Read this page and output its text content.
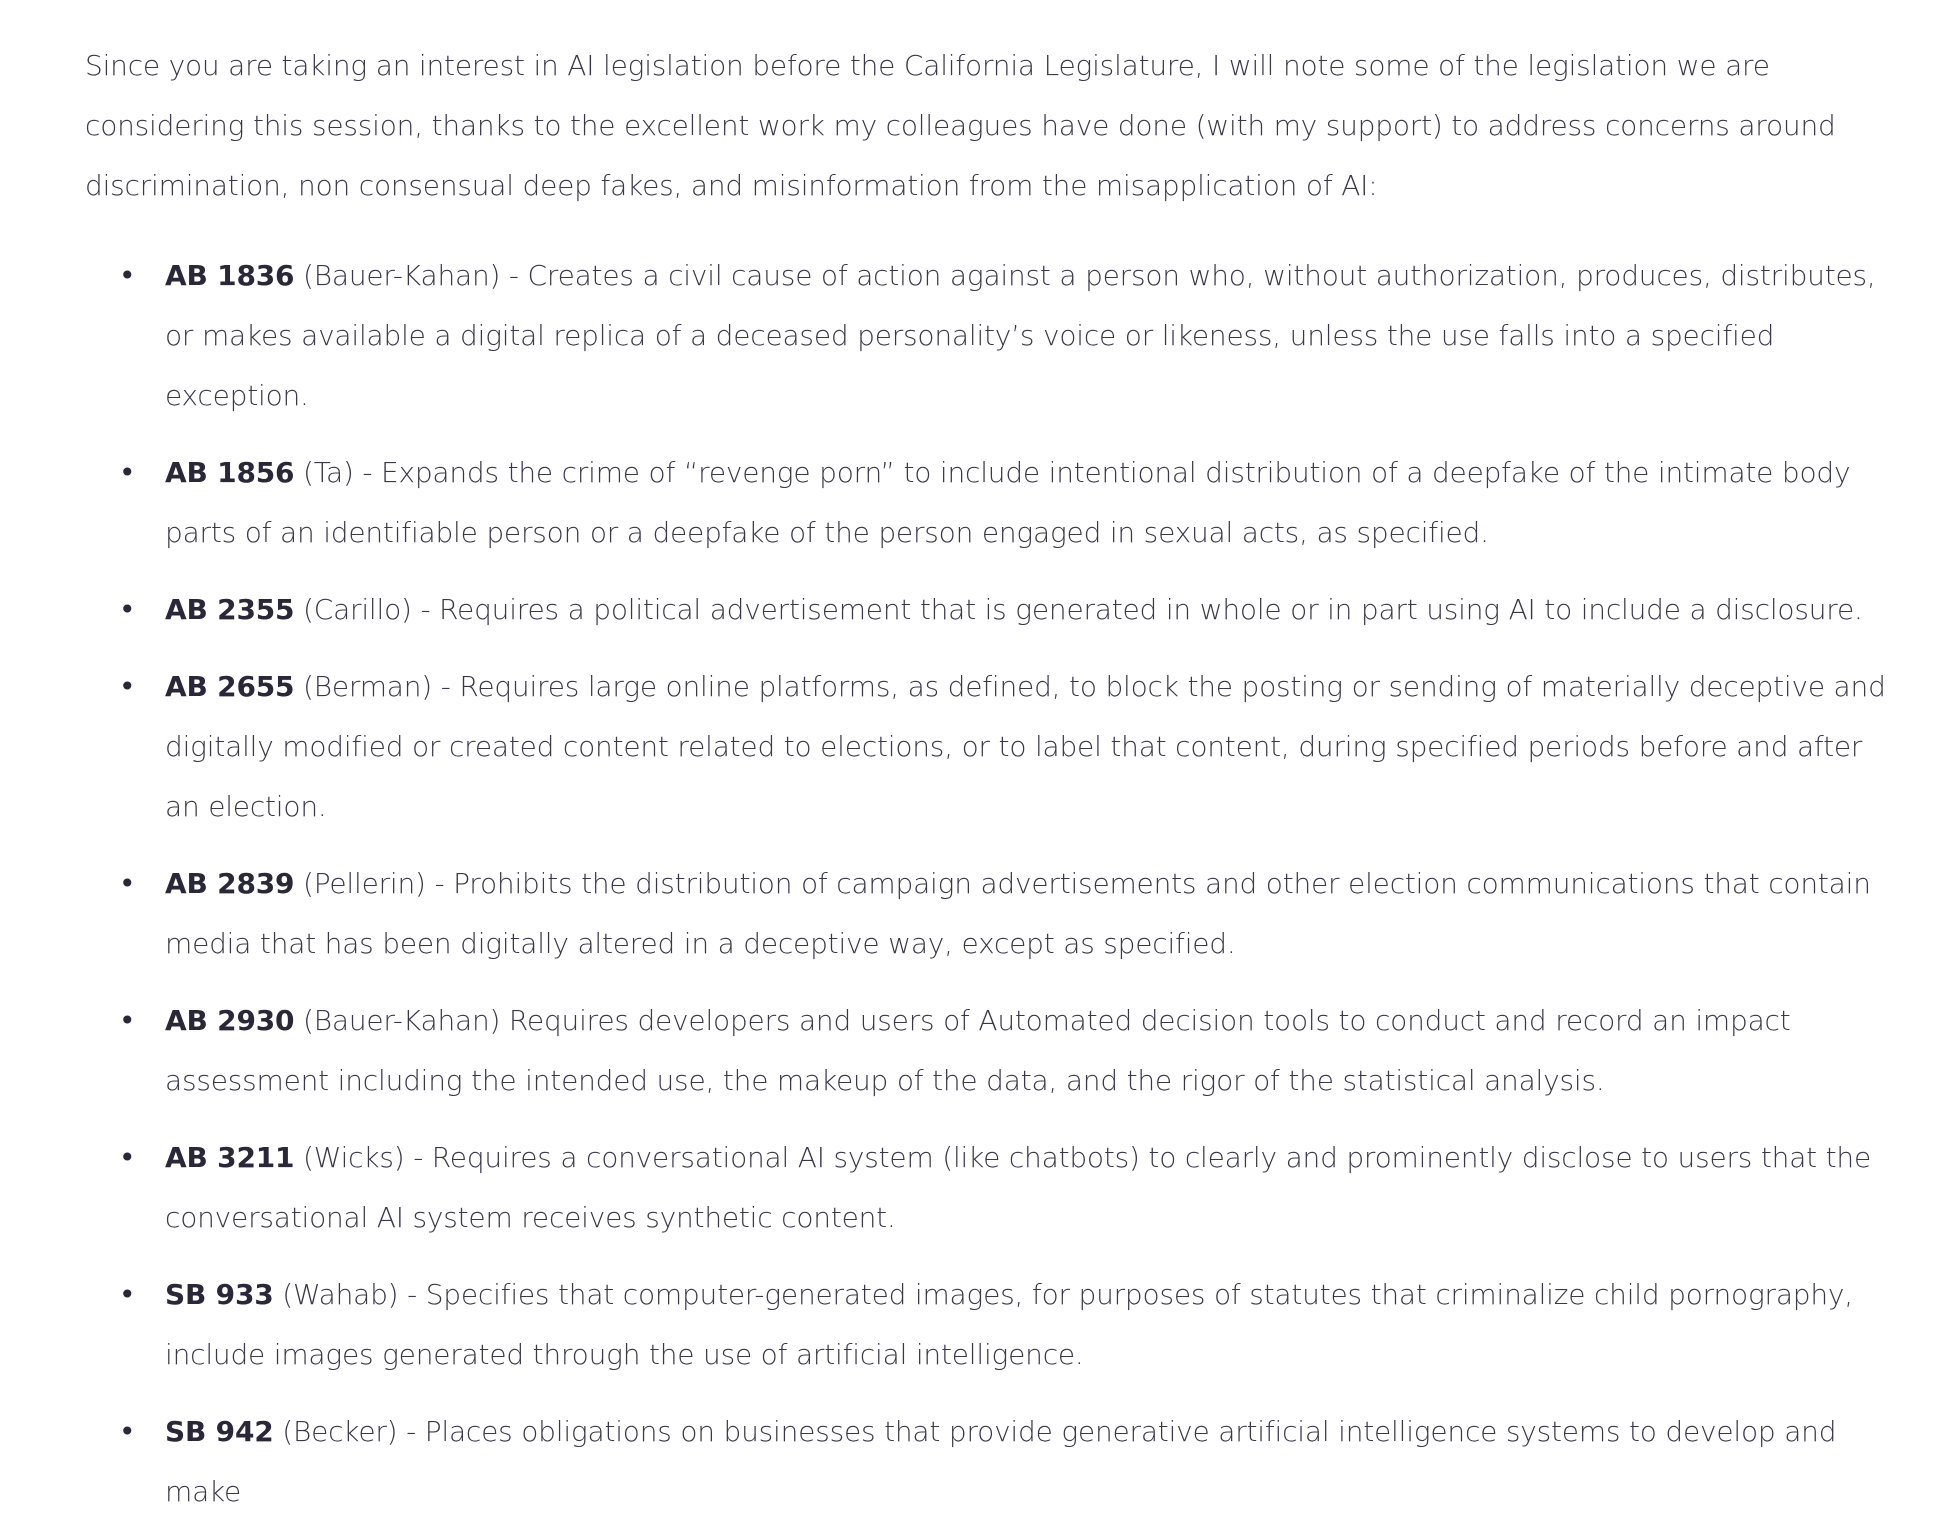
Since you are taking an interest in AI legislation before the California Legislature, I will note some of the legislation we are considering this session, thanks to the excellent work my colleagues have done (with my support) to address concerns around discrimination, non consensual deep fakes, and misinformation from the misapplication of AI:

• AB 1836 (Bauer-Kahan) - Creates a civil cause of action against a person who, without authorization, produces, distributes, or makes available a digital replica of a deceased personality’s voice or likeness, unless the use falls into a specified exception.
• AB 1856 (Ta) - Expands the crime of “revenge porn” to include intentional distribution of a deepfake of the intimate body parts of an identifiable person or a deepfake of the person engaged in sexual acts, as specified.
• AB 2355 (Carillo) - Requires a political advertisement that is generated in whole or in part using AI to include a disclosure.
• AB 2655 (Berman) - Requires large online platforms, as defined, to block the posting or sending of materially deceptive and digitally modified or created content related to elections, or to label that content, during specified periods before and after an election.
• AB 2839 (Pellerin) - Prohibits the distribution of campaign advertisements and other election communications that contain media that has been digitally altered in a deceptive way, except as specified.
• AB 2930 (Bauer-Kahan) Requires developers and users of Automated decision tools to conduct and record an impact assessment including the intended use, the makeup of the data, and the rigor of the statistical analysis.
• AB 3211 (Wicks) - Requires a conversational AI system (like chatbots) to clearly and prominently disclose to users that the conversational AI system receives synthetic content.
• SB 933 (Wahab) - Specifies that computer-generated images, for purposes of statutes that criminalize child pornography, include images generated through the use of artificial intelligence.
• SB 942 (Becker) - Places obligations on businesses that provide generative artificial intelligence systems to develop and make
